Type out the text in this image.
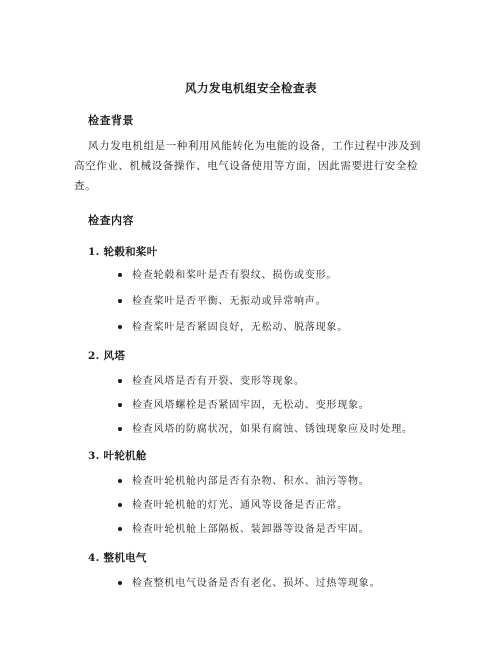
风力发电机组安全检查表
检查背景
风力发电机组是一种利用风能转化为电能的设备，工作过程中涉及到高空作业、机械设备操作、电气设备使用等方面，因此需要进行安全检查。
检查内容
1. 轮毂和桨叶
检查轮毂和桨叶是否有裂纹、损伤或变形。
检查桨叶是否平衡、无振动或异常响声。
检查桨叶是否紧固良好，无松动、脱落现象。
2. 风塔
检查风塔是否有开裂、变形等现象。
检查风塔螺栓是否紧固牢固，无松动、变形现象。
检查风塔的防腐状况，如果有腐蚀、锈蚀现象应及时处理。
3. 叶轮机舱
检查叶轮机舱内部是否有杂物、积水、油污等物。
检查叶轮机舱的灯光、通风等设备是否正常。
检查叶轮机舱上部隔板、装卸器等设备是否牢固。
4. 整机电气
检查整机电气设备是否有老化、损坏、过热等现象。
